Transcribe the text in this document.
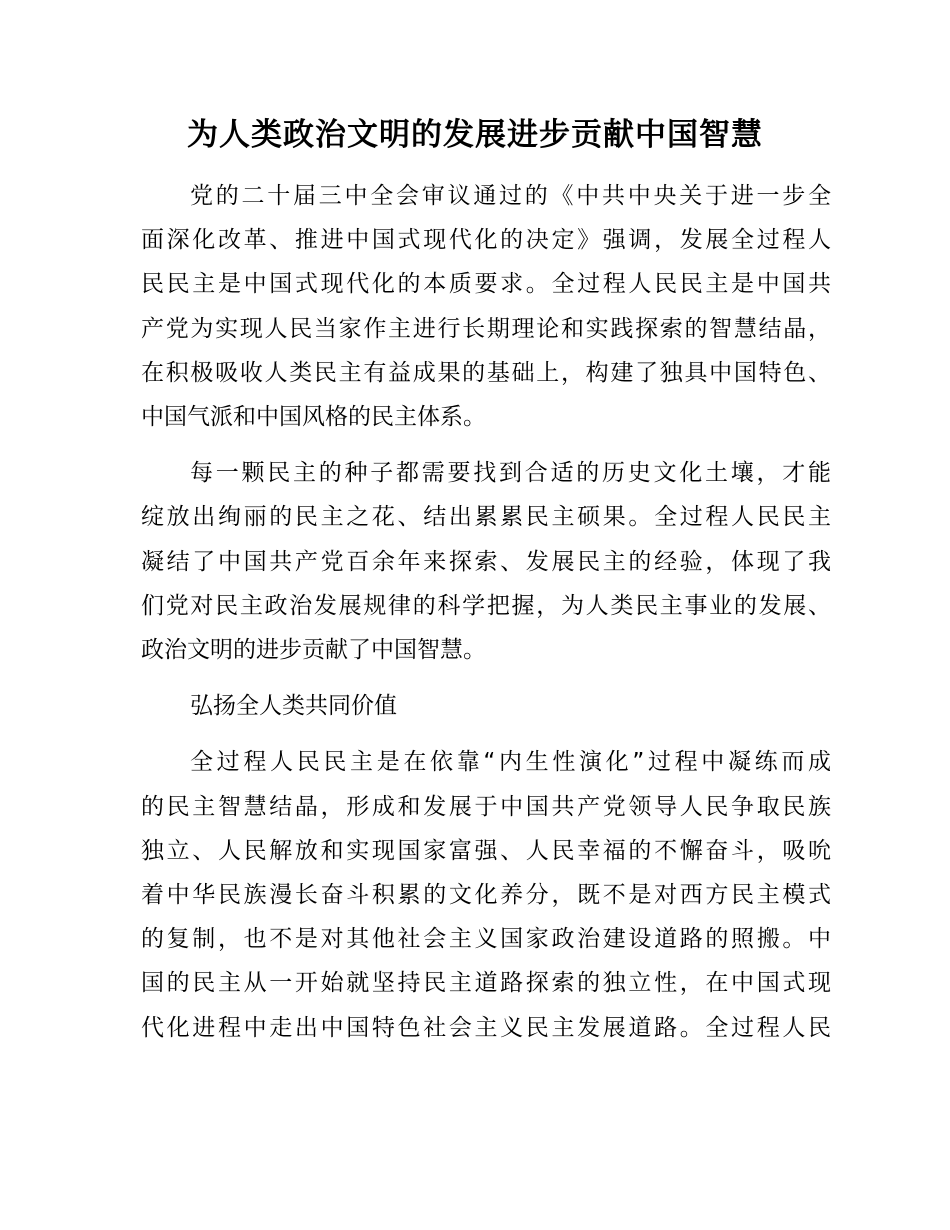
为人类政治文明的发展进步贡献中国智慧

党的二十届三中全会审议通过的《中共中央关于进一步全
面深化改革、推进中国式现代化的决定》强调，发展全过程人
民民主是中国式现代化的本质要求。全过程人民民主是中国共
产党为实现人民当家作主进行长期理论和实践探索的智慧结晶，
在积极吸收人类民主有益成果的基础上，构建了独具中国特色、
中国气派和中国风格的民主体系。

每一颗民主的种子都需要找到合适的历史文化土壤，才能
绽放出绚丽的民主之花、结出累累民主硕果。全过程人民民主
凝结了中国共产党百余年来探索、发展民主的经验，体现了我
们党对民主政治发展规律的科学把握，为人类民主事业的发展、
政治文明的进步贡献了中国智慧。

弘扬全人类共同价值

全过程人民民主是在依靠“内生性演化”过程中凝练而成
的民主智慧结晶，形成和发展于中国共产党领导人民争取民族
独立、人民解放和实现国家富强、人民幸福的不懈奋斗，吸吮
着中华民族漫长奋斗积累的文化养分，既不是对西方民主模式
的复制，也不是对其他社会主义国家政治建设道路的照搬。中
国的民主从一开始就坚持民主道路探索的独立性，在中国式现
代化进程中走出中国特色社会主义民主发展道路。全过程人民
